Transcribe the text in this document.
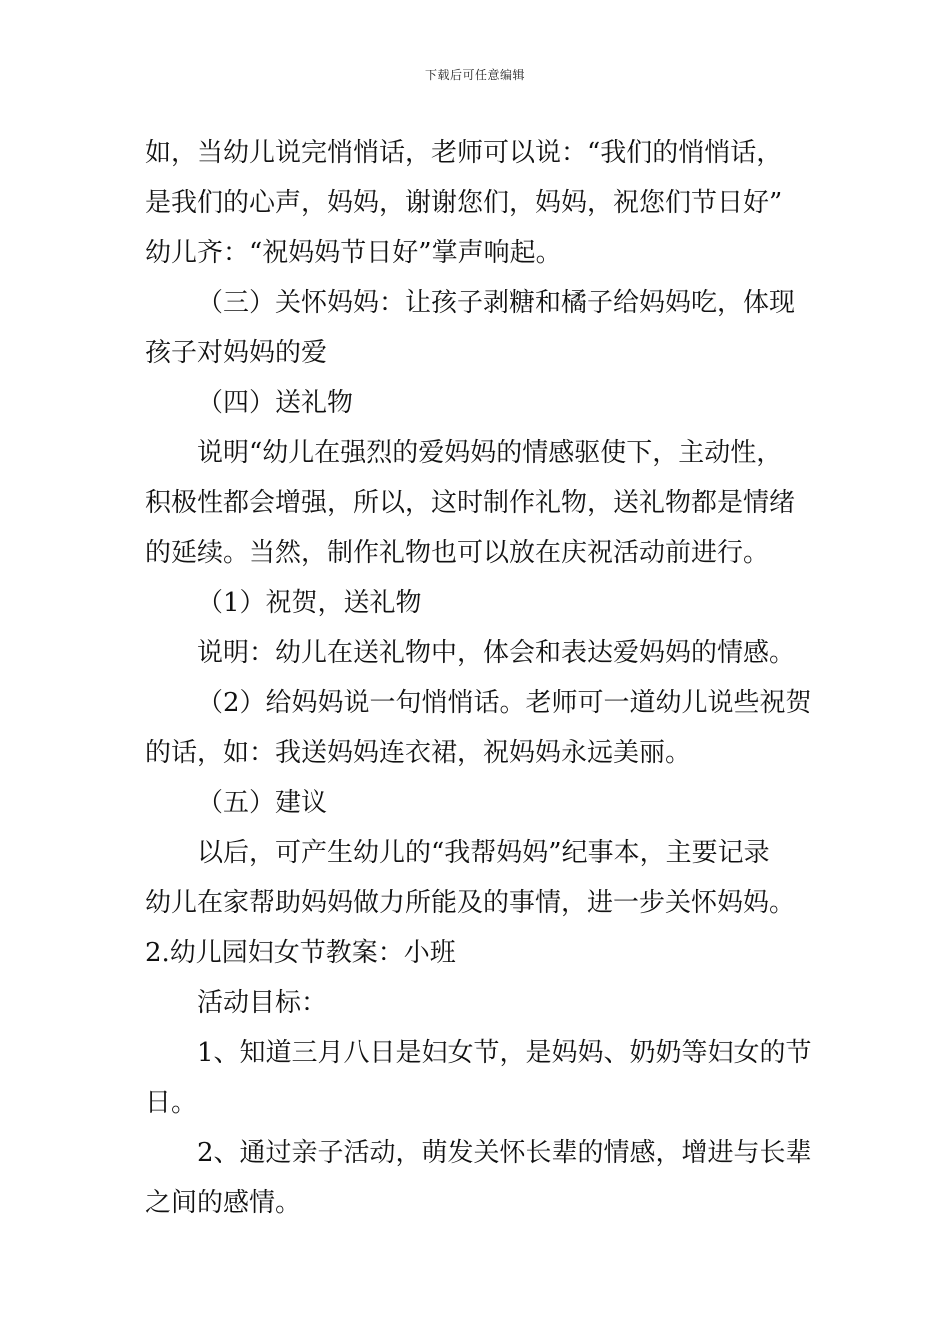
下载后可任意编辑
如，当幼儿说完悄悄话，老师可以说：“我们的悄悄话，
是我们的心声，妈妈，谢谢您们，妈妈，祝您们节日好”
幼儿齐：“祝妈妈节日好”掌声响起。
（三）关怀妈妈：让孩子剥糖和橘子给妈妈吃，体现
孩子对妈妈的爱
（四）送礼物
说明“幼儿在强烈的爱妈妈的情感驱使下，主动性，
积极性都会增强，所以，这时制作礼物，送礼物都是情绪
的延续。当然，制作礼物也可以放在庆祝活动前进行。
（1）祝贺，送礼物
说明：幼儿在送礼物中，体会和表达爱妈妈的情感。
（2）给妈妈说一句悄悄话。老师可一道幼儿说些祝贺
的话，如：我送妈妈连衣裙，祝妈妈永远美丽。
（五）建议
以后，可产生幼儿的“我帮妈妈”纪事本，主要记录
幼儿在家帮助妈妈做力所能及的事情，进一步关怀妈妈。
2.幼儿园妇女节教案：小班
活动目标：
1、知道三月八日是妇女节，是妈妈、奶奶等妇女的节
日。
2、通过亲子活动，萌发关怀长辈的情感，增进与长辈
之间的感情。
